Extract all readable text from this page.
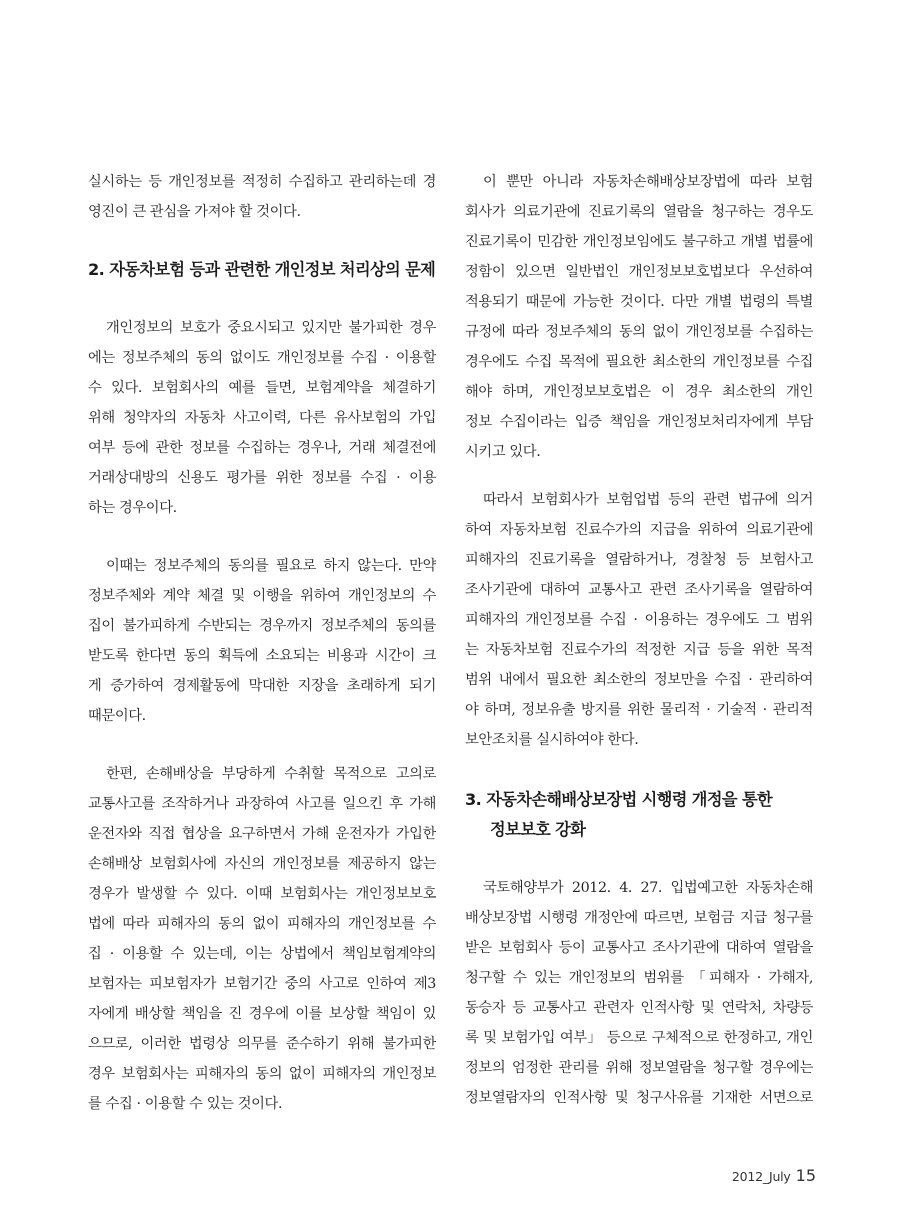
실시하는 등 개인정보를 적정히 수집하고 관리하는데 경
영진이 큰 관심을 가져야 할 것이다.
2. 자동차보험 등과 관련한 개인정보 처리상의 문제
개인정보의 보호가 중요시되고 있지만 불가피한 경우
에는 정보주체의 동의 없이도 개인정보를 수집 · 이용할
수 있다. 보험회사의 예를 들면, 보험계약을 체결하기
위해 청약자의 자동차 사고이력, 다른 유사보험의 가입
여부 등에 관한 정보를 수집하는 경우나, 거래 체결전에
거래상대방의 신용도 평가를 위한 정보를 수집 · 이용
하는 경우이다.
이때는 정보주체의 동의를 필요로 하지 않는다. 만약
정보주체와 계약 체결 및 이행을 위하여 개인정보의 수
집이 불가피하게 수반되는 경우까지 정보주체의 동의를
받도록 한다면 동의 획득에 소요되는 비용과 시간이 크
게 증가하여 경제활동에 막대한 지장을 초래하게 되기
때문이다.
한편, 손해배상을 부당하게 수취할 목적으로 고의로
교통사고를 조작하거나 과장하여 사고를 일으킨 후 가해
운전자와 직접 협상을 요구하면서 가해 운전자가 가입한
손해배상 보험회사에 자신의 개인정보를 제공하지 않는
경우가 발생할 수 있다. 이때 보험회사는 개인정보보호
법에 따라 피해자의 동의 없이 피해자의 개인정보를 수
집 · 이용할 수 있는데, 이는 상법에서 책임보험계약의
보험자는 피보험자가 보험기간 중의 사고로 인하여 제3
자에게 배상할 책임을 진 경우에 이를 보상할 책임이 있
으므로, 이러한 법령상 의무를 준수하기 위해 불가피한
경우 보험회사는 피해자의 동의 없이 피해자의 개인정보
를 수집 · 이용할 수 있는 것이다.
이 뿐만 아니라 자동차손해배상보장법에 따라 보험
회사가 의료기관에 진료기록의 열람을 청구하는 경우도
진료기록이 민감한 개인정보임에도 불구하고 개별 법률에
정함이 있으면 일반법인 개인정보보호법보다 우선하여
적용되기 때문에 가능한 것이다. 다만 개별 법령의 특별
규정에 따라 정보주체의 동의 없이 개인정보를 수집하는
경우에도 수집 목적에 필요한 최소한의 개인정보를 수집
해야 하며, 개인정보보호법은 이 경우 최소한의 개인
정보 수집이라는 입증 책임을 개인정보처리자에게 부담
시키고 있다.
따라서 보험회사가 보험업법 등의 관련 법규에 의거
하여 자동차보험 진료수가의 지급을 위하여 의료기관에
피해자의 진료기록을 열람하거나, 경찰청 등 보험사고
조사기관에 대하여 교통사고 관련 조사기록을 열람하여
피해자의 개인정보를 수집 · 이용하는 경우에도 그 범위
는 자동차보험 진료수가의 적정한 지급 등을 위한 목적
범위 내에서 필요한 최소한의 정보만을 수집 · 관리하여
야 하며, 정보유출 방지를 위한 물리적 · 기술적 · 관리적
보안조치를 실시하여야 한다.
3. 자동차손해배상보장법 시행령 개정을 통한
정보보호 강화
국토해양부가 2012. 4. 27. 입법예고한 자동차손해
배상보장법 시행령 개정안에 따르면, 보험금 지급 청구를
받은 보험회사 등이 교통사고 조사기관에 대하여 열람을
청구할 수 있는 개인정보의 범위를 「피해자 · 가해자,
동승자 등 교통사고 관련자 인적사항 및 연락처, 차량등
록 및 보험가입 여부」 등으로 구체적으로 한정하고, 개인
정보의 엄정한 관리를 위해 정보열람을 청구할 경우에는
정보열람자의 인적사항 및 청구사유를 기재한 서면으로
2012_July 15
